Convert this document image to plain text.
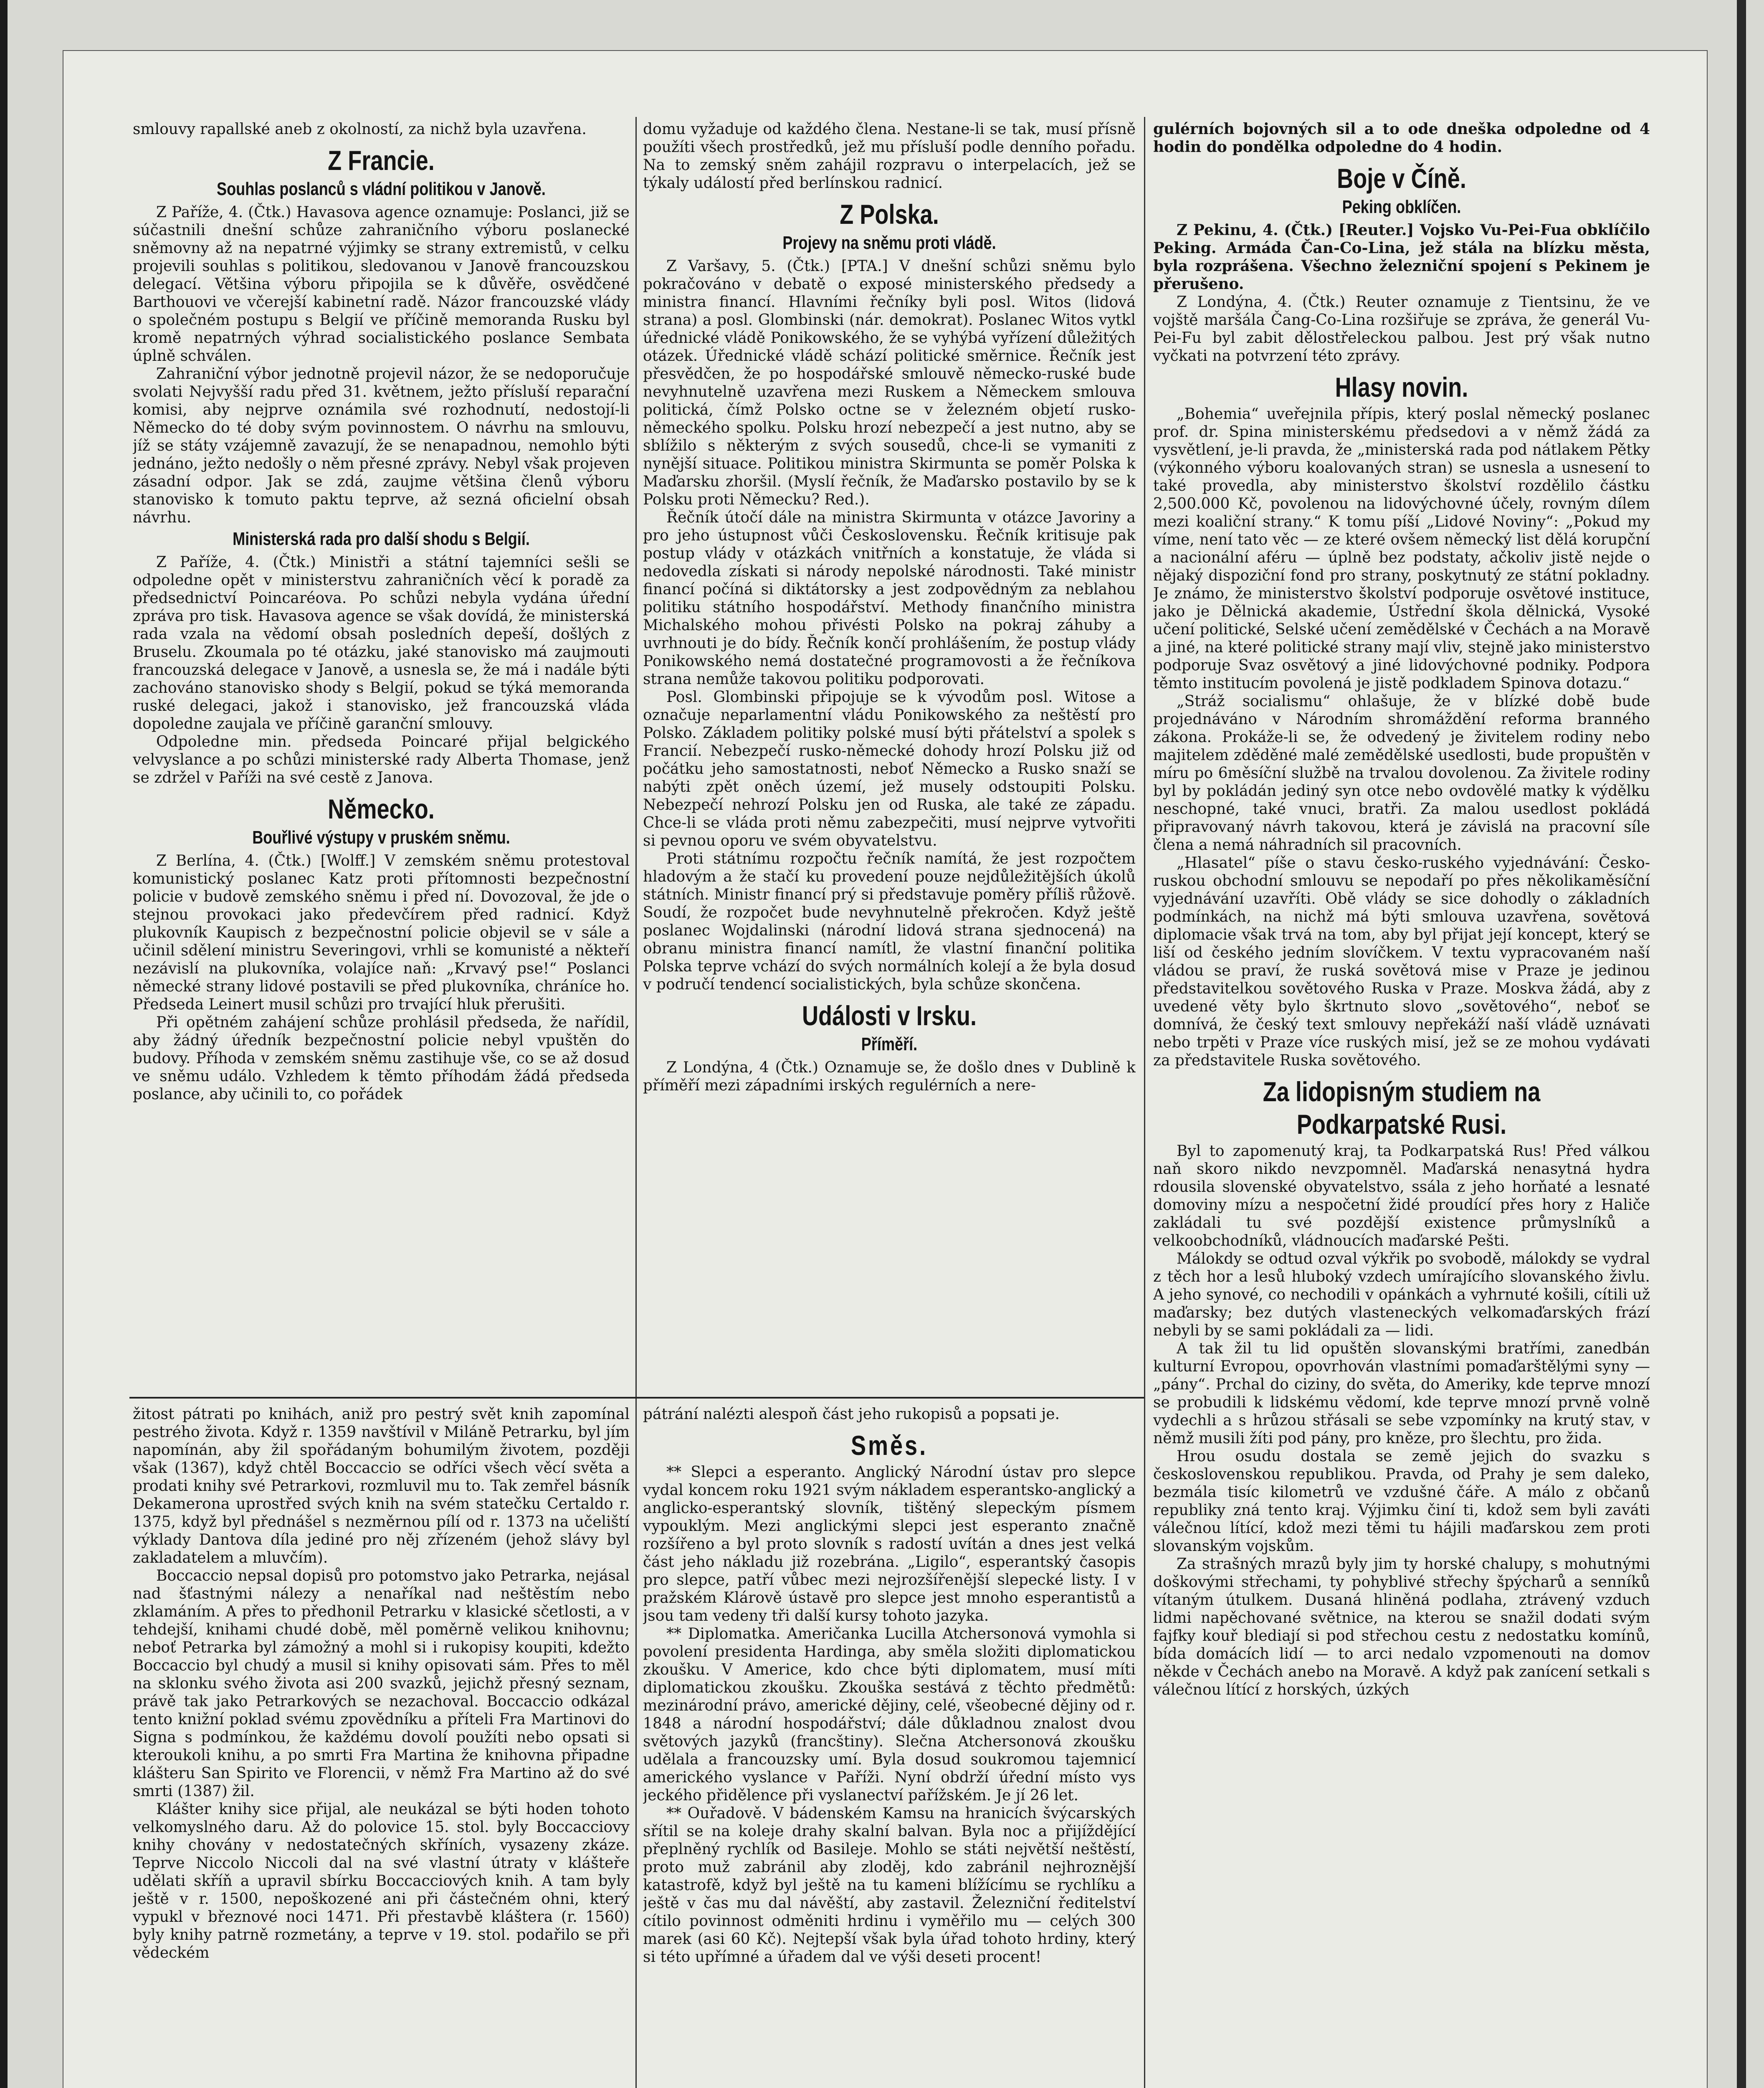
smlouvy rapallské aneb z okolností, za nichž byla uzavřena.

Z Francie.
Souhlas poslanců s vládní politikou v Janově.

Z Paříže, 4. (Čtk.) Havasova agence oznamuje: Poslanci, již se súčastnili dnešní schůze zahraničního výboru poslanecké sněmovny až na nepatrné výjimky se strany extremistů, v celku projevili souhlas s politikou, sledovanou v Janově francouzskou delegací. Většina výboru připojila se k důvěře, osvědčené Barthouovi ve včerejší kabinetní radě. Názor francouzské vlády o společném postupu s Belgií ve příčině memoranda Rusku byl kromě nepatrných výhrad socialistického poslance Sembata úplně schválen.

Zahraniční výbor jednotně projevil názor, že se nedoporučuje svolati Nejvyšší radu před 31. květnem, ježto přísluší reparační komisi, aby nejprve oznámila své rozhodnutí, nedostojí-li Německo do té doby svým povinnostem. O návrhu na smlouvu, jíž se státy vzájemně zavazují, že se nenapadnou, nemohlo býti jednáno, ježto nedošly o něm přesné zprávy. Nebyl však projeven zásadní odpor. Jak se zdá, zaujme většina členů výboru stanovisko k tomuto paktu teprve, až sezná oficielní obsah návrhu.

Ministerská rada pro další shodu s Belgií.

Z Paříže, 4. (Čtk.) Ministři a státní tajemníci sešli se odpoledne opět v ministerstvu zahraničních věcí k poradě za předsednictví Poincaréova. Po schůzi nebyla vydána úřední zpráva pro tisk. Havasova agence se však dovídá, že ministerská rada vzala na vědomí obsah posledních depeší, došlých z Bruselu. Zkoumala po té otázku, jaké stanovisko má zaujmouti francouzská delegace v Janově, a usnesla se, že má i nadále býti zachováno stanovisko shody s Belgií, pokud se týká memoranda ruské delegaci, jakož i stanovisko, jež francouzská vláda dopoledne zaujala ve příčině garanční smlouvy.

Odpoledne min. předseda Poincaré přijal belgického velvyslance a po schůzi ministerské rady Alberta Thomase, jenž se zdržel v Paříži na své cestě z Janova.

Německo.
Bouřlivé výstupy v pruském sněmu.

Z Berlína, 4. (Čtk.) [Wolff.] V zemském sněmu protestoval komunistický poslanec Katz proti přítomnosti bezpečnostní policie v budově zemského sněmu i před ní. Dovozoval, že jde o stejnou provokaci jako předevčírem před radnicí. Když plukovník Kaupisch z bezpečnostní policie objevil se v sále a učinil sdělení ministru Severingovi, vrhli se komunisté a někteří nezávislí na plukovníka, volajíce naň: „Krvavý pse!“ Poslanci německé strany lidové postavili se před plukovníka, chráníce ho. Předseda Leinert musil schůzi pro trvající hluk přerušiti.

Při opětném zahájení schůze prohlásil předseda, že nařídil, aby žádný úředník bezpečnostní policie nebyl vpuštěn do budovy. Příhoda v zemském sněmu zastihuje vše, co se až dosud ve sněmu událo. Vzhledem k těmto příhodám žádá předseda poslance, aby učinili to, co pořádek

domu vyžaduje od každého člena. Nestane-li se tak, musí přísně použíti všech prostředků, jež mu přísluší podle denního pořadu. Na to zemský sněm zahájil rozpravu o interpelacích, jež se týkaly událostí před berlínskou radnicí.

Z Polska.
Projevy na sněmu proti vládě.

Z Varšavy, 5. (Čtk.) [PTA.] V dnešní schůzi sněmu bylo pokračováno v debatě o exposé ministerského předsedy a ministra financí. Hlavními řečníky byli posl. Witos (lidová strana) a posl. Glombinski (nár. demokrat). Poslanec Witos vytkl úřednické vládě Ponikowského, že se vyhýbá vyřízení důležitých otázek. Úřednické vládě schází politické směrnice. Řečník jest přesvědčen, že po hospodářské smlouvě německo-ruské bude nevyhnutelně uzavřena mezi Ruskem a Německem smlouva politická, čímž Polsko octne se v železném objetí rusko-německého spolku. Polsku hrozí nebezpečí a jest nutno, aby se sblížilo s některým z svých sousedů, chce-li se vymaniti z nynější situace. Politikou ministra Skirmunta se poměr Polska k Maďarsku zhoršil. (Myslí řečník, že Maďarsko postavilo by se k Polsku proti Německu? Red.).

Řečník útočí dále na ministra Skirmunta v otázce Javoriny a pro jeho ústupnost vůči Československu. Řečník kritisuje pak postup vlády v otázkách vnitřních a konstatuje, že vláda si nedovedla získati si národy nepolské národnosti. Také ministr financí počíná si diktátorsky a jest zodpovědným za neblahou politiku státního hospodářství. Methody finančního ministra Michalského mohou přivésti Polsko na pokraj záhuby a uvrhnouti je do bídy. Řečník končí prohlášením, že postup vlády Ponikowského nemá dostatečné programovosti a že řečníkova strana nemůže takovou politiku podporovati.

Posl. Glombinski připojuje se k vývodům posl. Witose a označuje neparlamentní vládu Ponikowského za neštěstí pro Polsko. Základem politiky polské musí býti přátelství a spolek s Francií. Nebezpečí rusko-německé dohody hrozí Polsku již od počátku jeho samostatnosti, neboť Německo a Rusko snaží se nabýti zpět oněch území, jež musely odstoupiti Polsku. Nebezpečí nehrozí Polsku jen od Ruska, ale také ze západu. Chce-li se vláda proti němu zabezpečiti, musí nejprve vytvořiti si pevnou oporu ve svém obyvatelstvu.

Proti státnímu rozpočtu řečník namítá, že jest rozpočtem hladovým a že stačí ku provedení pouze nejdůležitějších úkolů státních. Ministr financí prý si představuje poměry příliš růžově. Soudí, že rozpočet bude nevyhnutelně překročen. Když ještě poslanec Wojdalinski (národní lidová strana sjednocená) na obranu ministra financí namítl, že vlastní finanční politika Polska teprve vchází do svých normálních kolejí a že byla dosud v područí tendencí socialistických, byla schůze skončena.

Události v Irsku.
Příměří.

Z Londýna, 4 (Čtk.) Oznamuje se, že došlo dnes v Dublině k příměří mezi západními irských regulérních a nere-

gulérních bojovných sil a to ode dneška odpoledne od 4 hodin do pondělka odpoledne do 4 hodin.

Boje v Číně.
Peking obklíčen.

Z Pekinu, 4. (Čtk.) [Reuter.] Vojsko Vu-Pei-Fua obklíčilo Peking. Armáda Čan-Co-Lina, jež stála na blízku města, byla rozprášena. Všechno železniční spojení s Pekinem je přerušeno.

Z Londýna, 4. (Čtk.) Reuter oznamuje z Tientsinu, že ve vojště maršála Čang-Co-Lina rozšiřuje se zpráva, že generál Vu-Pei-Fu byl zabit dělostřeleckou palbou. Jest prý však nutno vyčkati na potvrzení této zprávy.

Hlasy novin.

„Bohemia“ uveřejnila přípis, který poslal německý poslanec prof. dr. Spina ministerskému předsedovi a v němž žádá za vysvětlení, je-li pravda, že „ministerská rada pod nátlakem Pětky (výkonného výboru koalovaných stran) se usnesla a usnesení to také provedla, aby ministerstvo školství rozdělilo částku 2,500.000 Kč, povolenou na lidovýchovné účely, rovným dílem mezi koaliční strany.“ K tomu píší „Lidové Noviny“: „Pokud my víme, není tato věc — ze které ovšem německý list dělá korupční a nacionální aféru — úplně bez podstaty, ačkoliv jistě nejde o nějaký dispoziční fond pro strany, poskytnutý ze státní pokladny. Je známo, že ministerstvo školství podporuje osvětové instituce, jako je Dělnická akademie, Ústřední škola dělnická, Vysoké učení politické, Selské učení zemědělské v Čechách a na Moravě a jiné, na které politické strany mají vliv, stejně jako ministerstvo podporuje Svaz osvětový a jiné lidovýchovné podniky. Podpora těmto institucím povolená je jistě podkladem Spinova dotazu.“

„Stráž socialismu“ ohlašuje, že v blízké době bude projednáváno v Národním shromáždění reforma branného zákona. Prokáže-li se, že odvedený je živitelem rodiny nebo majitelem zděděné malé zemědělské usedlosti, bude propuštěn v míru po 6měsíční službě na trvalou dovolenou. Za živitele rodiny byl by pokládán jediný syn otce nebo ovdovělé matky k výdělku neschopné, také vnuci, bratři. Za malou usedlost pokládá připravovaný návrh takovou, která je závislá na pracovní síle člena a nemá náhradních sil pracovních.

„Hlasatel“ píše o stavu česko-ruského vyjednávání: Česko-ruskou obchodní smlouvu se nepodaří po přes několikaměsíční vyjednávání uzavříti. Obě vlády se sice dohodly o základních podmínkách, na nichž má býti smlouva uzavřena, sovětová diplomacie však trvá na tom, aby byl přijat její koncept, který se liší od českého jedním slovíčkem. V textu vypracovaném naší vládou se praví, že ruská sovětová mise v Praze je jedinou představitelkou sovětového Ruska v Praze. Moskva žádá, aby z uvedené věty bylo škrtnuto slovo „sovětového“, neboť se domnívá, že český text smlouvy nepřekáží naší vládě uznávati nebo trpěti v Praze více ruských misí, jež se ze mohou vydávati za představitele Ruska sovětového.

Za lidopisným studiem na Podkarpatské Rusi.

Byl to zapomenutý kraj, ta Podkarpatská Rus! Před válkou naň skoro nikdo nevzpomněl. Maďarská nenasytná hydra rdousila slovenské obyvatelstvo, ssála z jeho horňaté a lesnaté domoviny mízu a nespočetní židé proudící přes hory z Haliče zakládali tu své pozdější existence průmyslníků a velkoobchodníků, vládnoucích maďarské Pešti.

Málokdy se odtud ozval výkřik po svobodě, málokdy se vydral z těch hor a lesů hluboký vzdech umírajícího slovanského živlu. A jeho synové, co nechodili v opánkách a vyhrnuté košili, cítili už maďarsky; bez dutých vlasteneckých velkomaďarských frází nebyli by se sami pokládali za — lidi.

A tak žil tu lid opuštěn slovanskými bratřími, zanedbán kulturní Evropou, opovrhován vlastními pomaďarštělými syny — „pány“. Prchal do ciziny, do světa, do Ameriky, kde teprve mnozí se probudili k lidskému vědomí, kde teprve mnozí prvně volně vydechli a s hrůzou střásali se sebe vzpomínky na krutý stav, v němž musili žíti pod pány, pro kněze, pro šlechtu, pro žida.

Hrou osudu dostala se země jejich do svazku s československou republikou. Pravda, od Prahy je sem daleko, bezmála tisíc kilometrů ve vzdušné čáře. A málo z občanů republiky zná tento kraj. Výjimku činí ti, kdož sem byli zaváti válečnou lítící, kdož mezi těmi tu hájili maďarskou zem proti slovanským vojskům.

Za strašných mrazů byly jim ty horské chalupy, s mohutnými doškovými střechami, ty pohyblivé střechy špýcharů a senníků vítaným útulkem. Dusaná hliněná podlaha, ztrávený vzduch lidmi napěchované světnice, na kterou se snažil dodati svým fajfky kouř blediají si pod střechou cestu z nedostatku komínů, bída domácích lidí — to arci nedalo vzpomenouti na domov někde v Čechách anebo na Moravě. A když pak zanícení setkali s válečnou lítící z horských, úzkých

žitost pátrati po knihách, aniž pro pestrý svět knih zapomínal pestrého života. Když r. 1359 navštívil v Miláně Petrarku, byl jím napomínán, aby žil spořádaným bohumilým životem, později však (1367), když chtěl Boccaccio se odříci všech věcí světa a prodati knihy své Petrarkovi, rozmluvil mu to. Tak zemřel básník Dekamerona uprostřed svých knih na svém statečku Certaldo r. 1375, když byl přednášel s nezměrnou pílí od r. 1373 na učeliští výklady Dantova díla jediné pro něj zřízeném (jehož slávy byl zakladatelem a mluvčím).

Boccaccio nepsal dopisů pro potomstvo jako Petrarka, nejásal nad šťastnými nálezy a nenaříkal nad neštěstím nebo zklamáním. A přes to předhonil Petrarku v klasické sčetlosti, a v tehdejší, knihami chudé době, měl poměrně velikou knihovnu; neboť Petrarka byl zámožný a mohl si i rukopisy koupiti, kdežto Boccaccio byl chudý a musil si knihy opisovati sám. Přes to měl na sklonku svého života asi 200 svazků, jejichž přesný seznam, právě tak jako Petrarkových se nezachoval. Boccaccio odkázal tento knižní poklad svému zpovědníku a příteli Fra Martinovi do Signa s podmínkou, že každému dovolí použíti nebo opsati si kteroukoli knihu, a po smrti Fra Martina že knihovna připadne klášteru San Spirito ve Florencii, v němž Fra Martino až do své smrti (1387) žil.

Klášter knihy sice přijal, ale neukázal se býti hoden tohoto velkomyslného daru. Až do polovice 15. stol. byly Boccacciovy knihy chovány v nedostatečných skříních, vysazeny zkáze. Teprve Niccolo Niccoli dal na své vlastní útraty v klášteře udělati skříň a upravil sbírku Boccacciových knih. A tam byly ještě v r. 1500, nepoškozené ani při částečném ohni, který vypukl v březnové noci 1471. Při přestavbě kláštera (r. 1560) byly knihy patrně rozmetány, a teprve v 19. stol. podařilo se při vědeckém

pátrání nalézti alespoň část jeho rukopisů a popsati je.

Směs.

** Slepci a esperanto. Anglický Národní ústav pro slepce vydal koncem roku 1921 svým nákladem esperantsko-anglický a anglicko-esperantský slovník, tištěný slepeckým písmem vypouklým. Mezi anglickými slepci jest esperanto značně rozšířeno a byl proto slovník s radostí uvítán a dnes jest velká část jeho nákladu již rozebrána. „Ligilo“, esperantský časopis pro slepce, patří vůbec mezi nejrozšířenější slepecké listy. I v pražském Klárově ústavě pro slepce jest mnoho esperantistů a jsou tam vedeny tři další kursy tohoto jazyka.

** Diplomatka. Američanka Lucilla Atchersonová vymohla si povolení presidenta Hardinga, aby směla složiti diplomatickou zkoušku. V Americe, kdo chce býti diplomatem, musí míti diplomatickou zkoušku. Zkouška sestává z těchto předmětů: mezinárodní právo, americké dějiny, celé, všeobecné dějiny od r. 1848 a národní hospodářství; dále důkladnou znalost dvou světových jazyků (francštiny). Slečna Atchersonová zkoušku udělala a francouzsky umí. Byla dosud soukromou tajemnicí amerického vyslance v Paříži. Nyní obdrží úřední místo vys jeckého přidělence při vyslanectví pařížském. Je jí 26 let.

** Ouřadově. V bádenském Kamsu na hranicích švýcarských sřítil se na koleje drahy skalní balvan. Byla noc a přijíždějící přeplněný rychlík od Basileje. Mohlo se státi největší neštěstí, proto muž zabránil aby zloděj, kdo zabránil nejhroznější katastrofě, když byl ještě na tu kameni blížícímu se rychlíku a ještě v čas mu dal návěští, aby zastavil. Železniční ředitelství cítilo povinnost odměniti hrdinu i vyměřilo mu — celých 300 marek (asi 60 Kč). Nejtepší však byla úřad tohoto hrdiny, který si této upřímné a úřadem dal ve výši deseti procent!
